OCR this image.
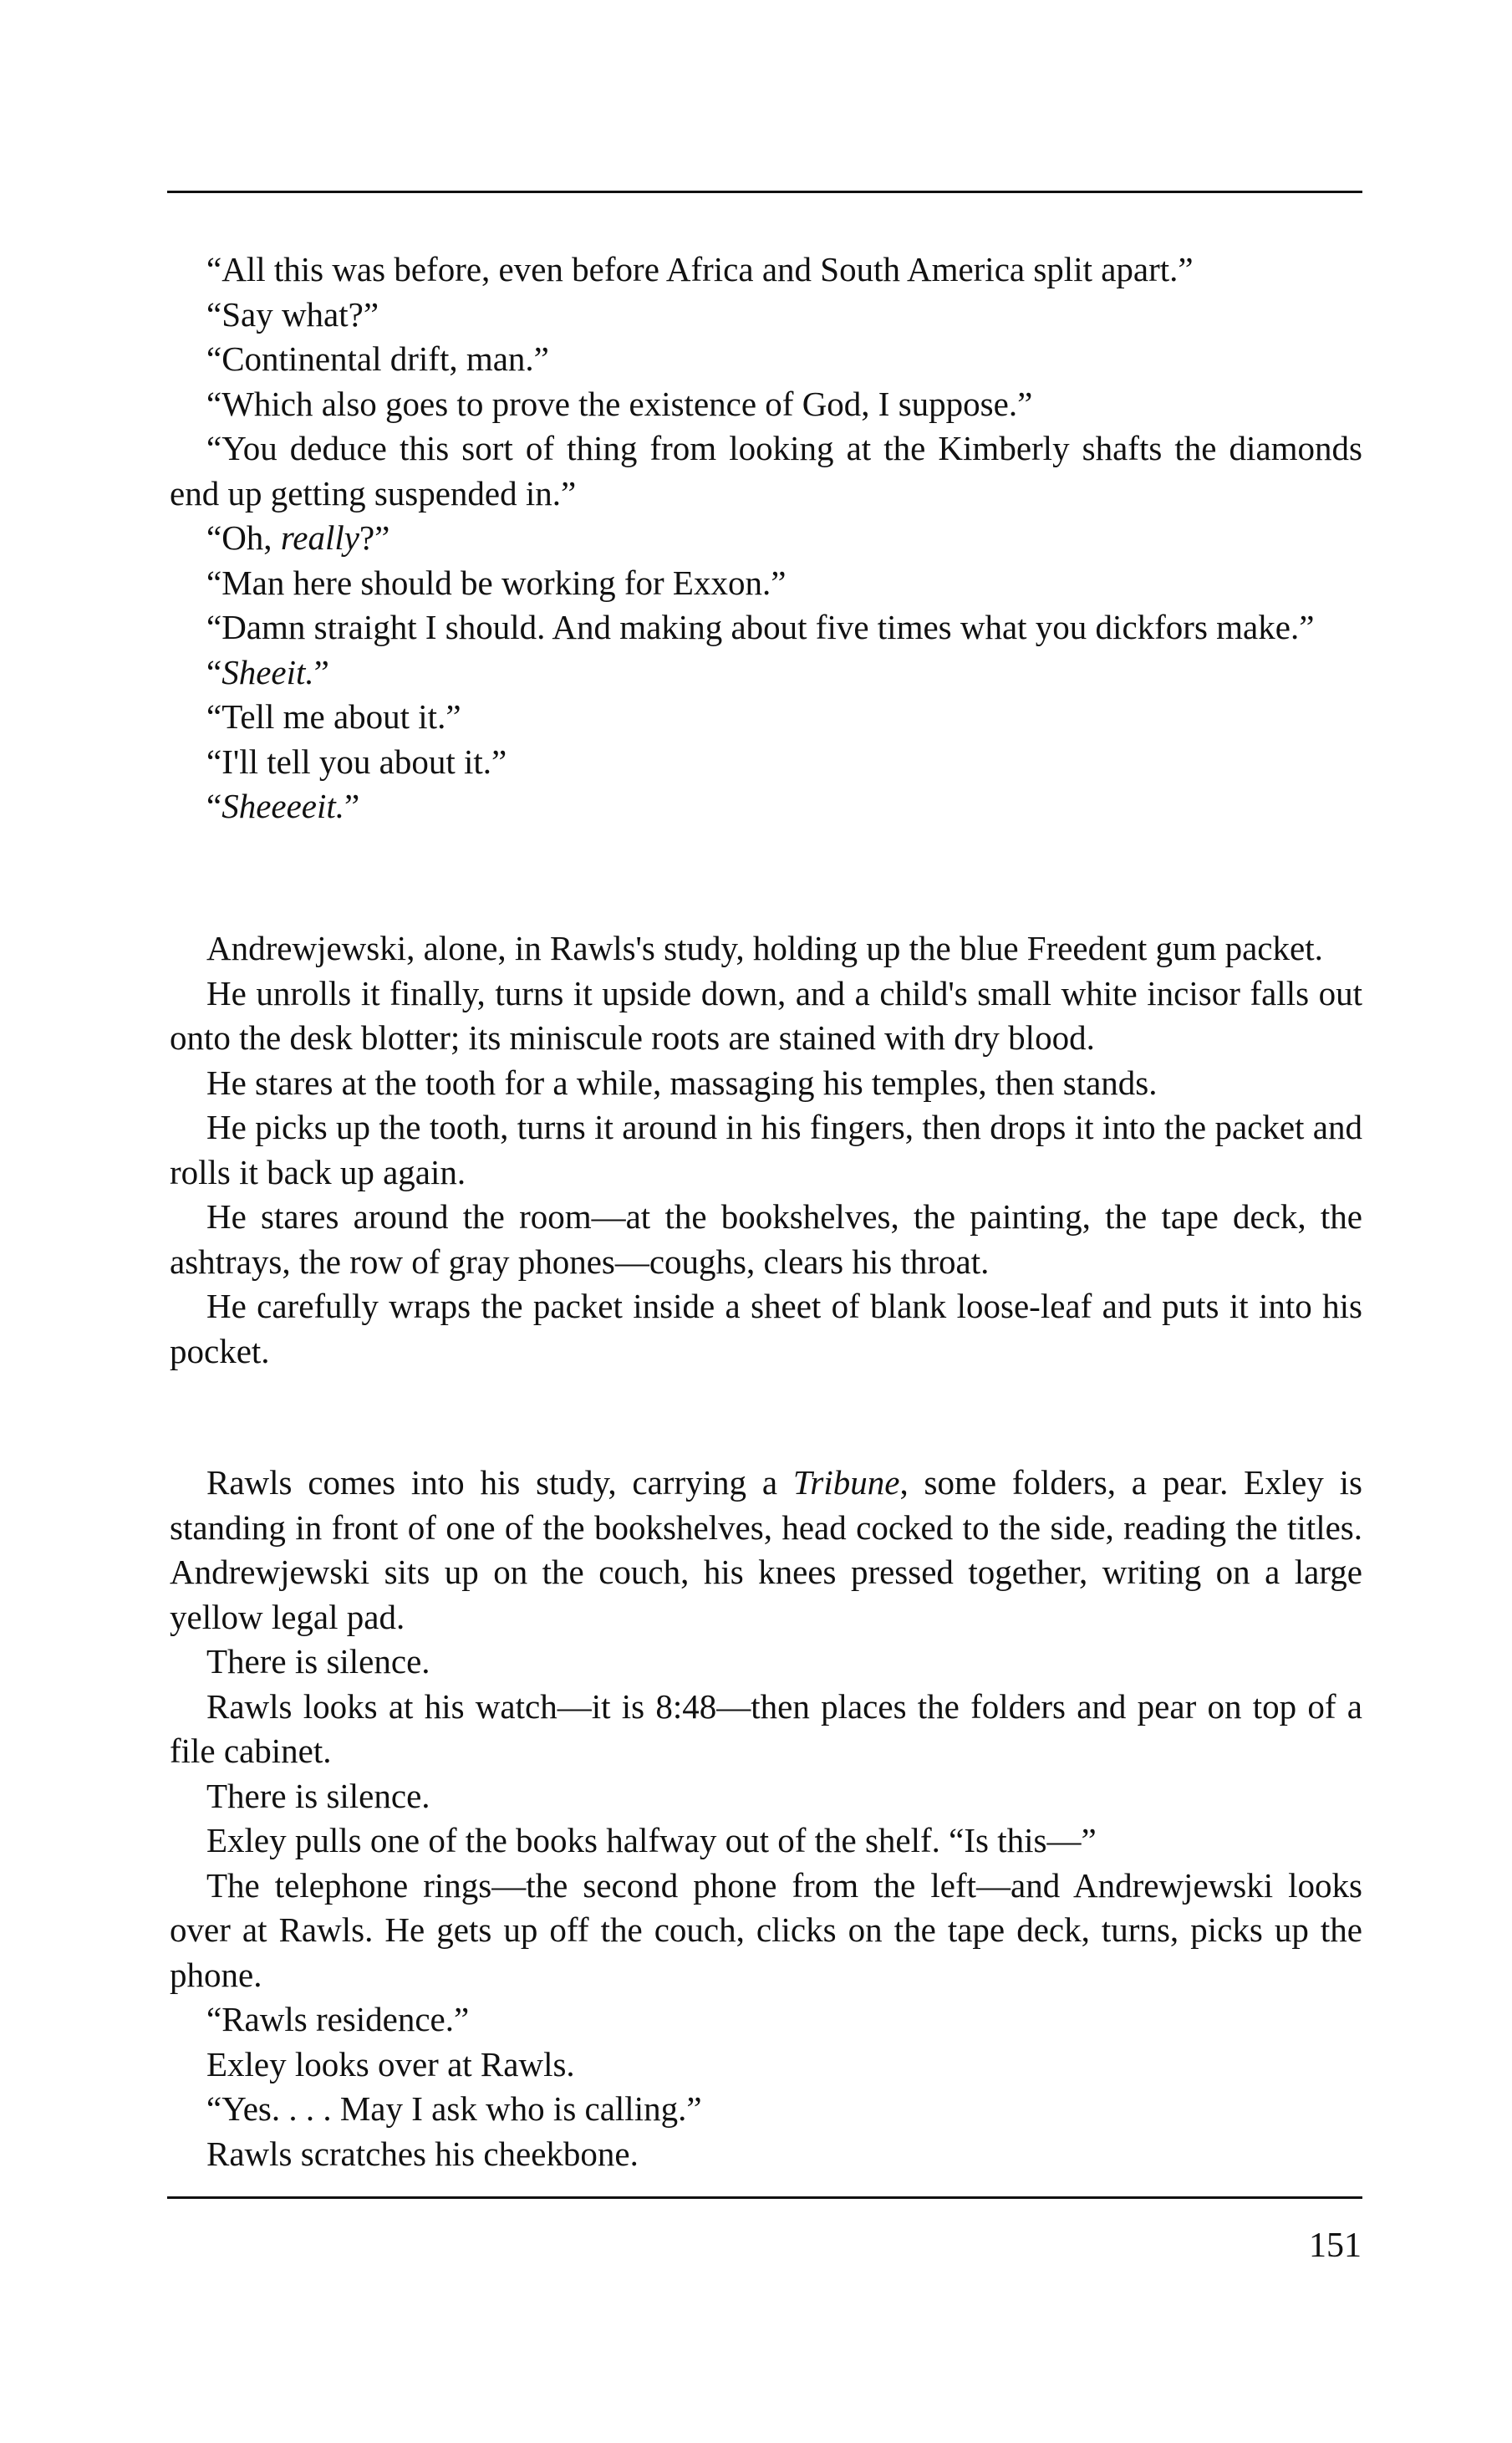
“All this was before, even before Africa and South America split apart.”

“Say what?”

“Continental drift, man.”

“Which also goes to prove the existence of God, I suppose.”

“You deduce this sort of thing from looking at the Kimberly shafts the diamonds end up getting suspended in.”

“Oh, really?”

“Man here should be working for Exxon.”

“Damn straight I should. And making about five times what you dickfors make.”

“Sheeit.”

“Tell me about it.”

“I'll tell you about it.”

“Sheeeeit.”

Andrewjewski, alone, in Rawls's study, holding up the blue Freedent gum packet.

He unrolls it finally, turns it upside down, and a child's small white incisor falls out onto the desk blotter; its miniscule roots are stained with dry blood.

He stares at the tooth for a while, massaging his temples, then stands.

He picks up the tooth, turns it around in his fingers, then drops it into the packet and rolls it back up again.

He stares around the room—at the bookshelves, the painting, the tape deck, the ashtrays, the row of gray phones—coughs, clears his throat.

He carefully wraps the packet inside a sheet of blank loose-leaf and puts it into his pocket.

Rawls comes into his study, carrying a Tribune, some folders, a pear. Exley is standing in front of one of the bookshelves, head cocked to the side, reading the titles. Andrewjewski sits up on the couch, his knees pressed together, writing on a large yellow legal pad.

There is silence.

Rawls looks at his watch—it is 8:48—then places the folders and pear on top of a file cabinet.

There is silence.

Exley pulls one of the books halfway out of the shelf. “Is this—”

The telephone rings—the second phone from the left—and Andrewjewski looks over at Rawls. He gets up off the couch, clicks on the tape deck, turns, picks up the phone.

“Rawls residence.”

Exley looks over at Rawls.

“Yes. . . . May I ask who is calling.”

Rawls scratches his cheekbone.

151
